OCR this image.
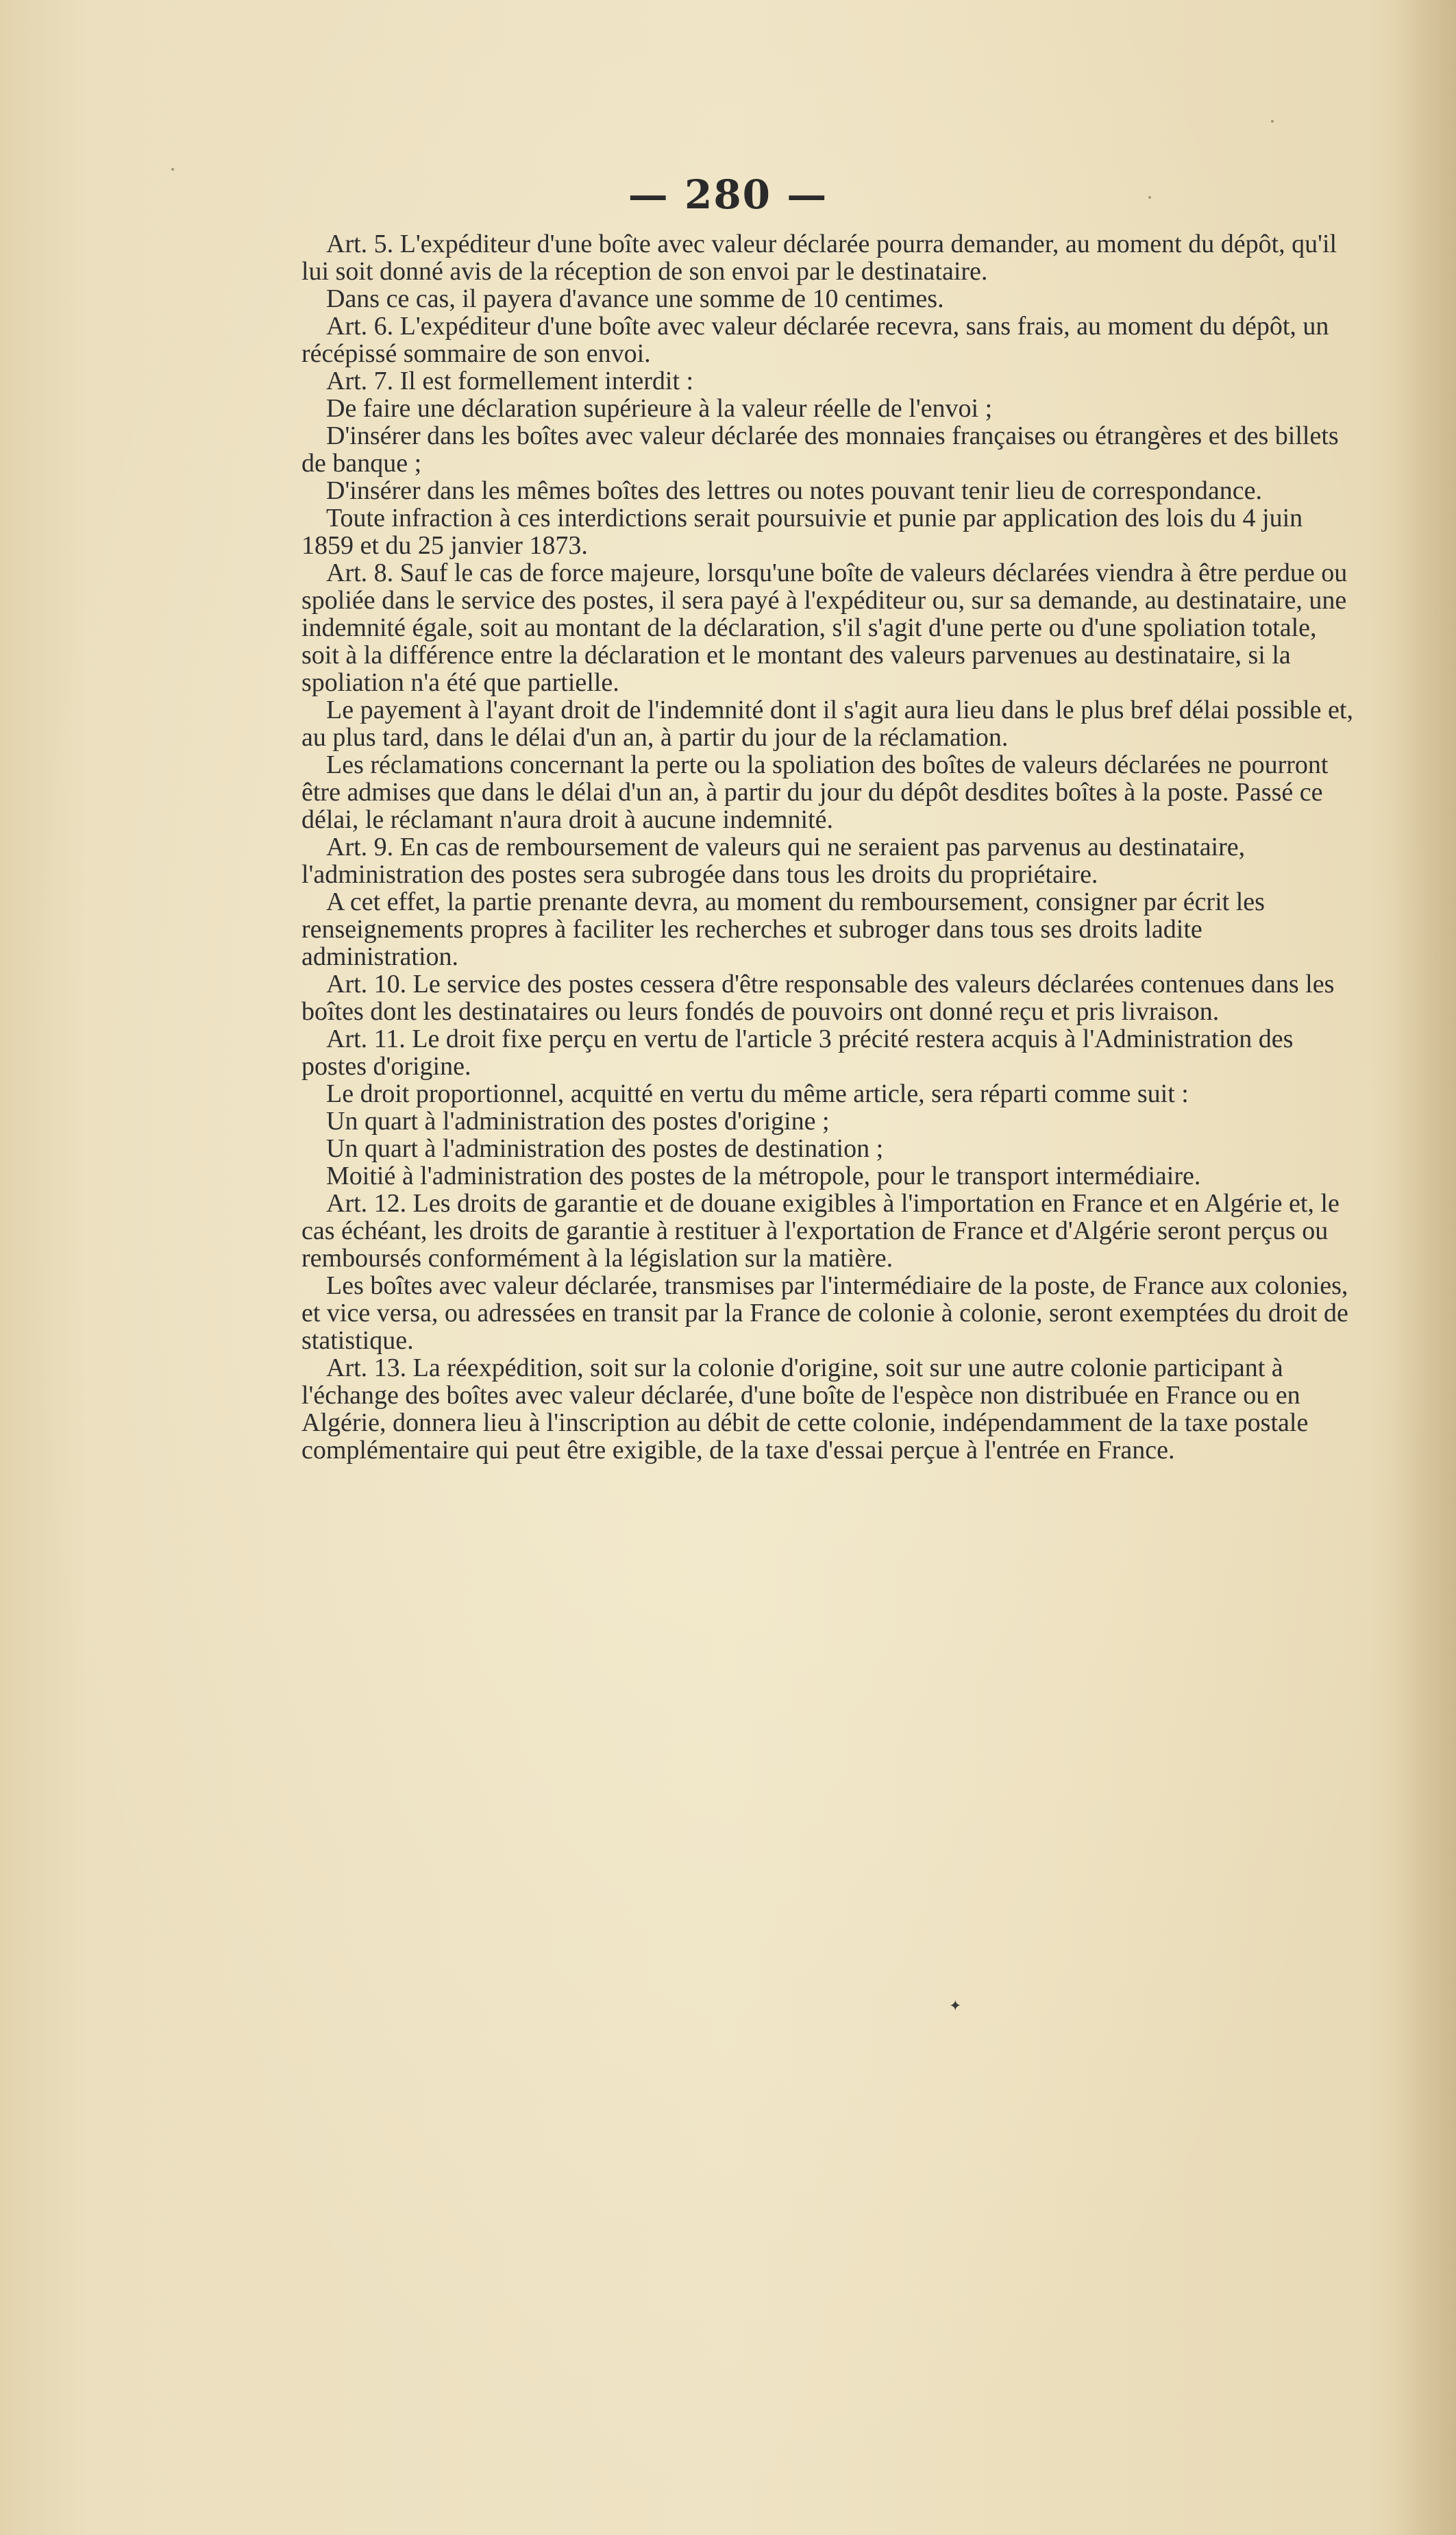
— 280 —

Art. 5. L'expéditeur d'une boîte avec valeur déclarée pourra demander, au moment du dépôt, qu'il lui soit donné avis de la réception de son envoi par le destinataire.

Dans ce cas, il payera d'avance une somme de 10 centimes.

Art. 6. L'expéditeur d'une boîte avec valeur déclarée recevra, sans frais, au moment du dépôt, un récépissé sommaire de son envoi.

Art. 7. Il est formellement interdit :

De faire une déclaration supérieure à la valeur réelle de l'envoi ;

D'insérer dans les boîtes avec valeur déclarée des monnaies françaises ou étrangères et des billets de banque ;

D'insérer dans les mêmes boîtes des lettres ou notes pouvant tenir lieu de correspondance.

Toute infraction à ces interdictions serait poursuivie et punie par application des lois du 4 juin 1859 et du 25 janvier 1873.

Art. 8. Sauf le cas de force majeure, lorsqu'une boîte de valeurs déclarées viendra à être perdue ou spoliée dans le service des postes, il sera payé à l'expéditeur ou, sur sa demande, au destinataire, une indemnité égale, soit au montant de la déclaration, s'il s'agit d'une perte ou d'une spoliation totale, soit à la différence entre la déclaration et le montant des valeurs parvenues au destinataire, si la spoliation n'a été que partielle.

Le payement à l'ayant droit de l'indemnité dont il s'agit aura lieu dans le plus bref délai possible et, au plus tard, dans le délai d'un an, à partir du jour de la réclamation.

Les réclamations concernant la perte ou la spoliation des boîtes de valeurs déclarées ne pourront être admises que dans le délai d'un an, à partir du jour du dépôt desdites boîtes à la poste. Passé ce délai, le réclamant n'aura droit à aucune indemnité.

Art. 9. En cas de remboursement de valeurs qui ne seraient pas parvenus au destinataire, l'administration des postes sera subrogée dans tous les droits du propriétaire.

A cet effet, la partie prenante devra, au moment du remboursement, consigner par écrit les renseignements propres à faciliter les recherches et subroger dans tous ses droits ladite administration.

Art. 10. Le service des postes cessera d'être responsable des valeurs déclarées contenues dans les boîtes dont les destinataires ou leurs fondés de pouvoirs ont donné reçu et pris livraison.

Art. 11. Le droit fixe perçu en vertu de l'article 3 précité restera acquis à l'Administration des postes d'origine.

Le droit proportionnel, acquitté en vertu du même article, sera réparti comme suit :

Un quart à l'administration des postes d'origine ;

Un quart à l'administration des postes de destination ;

Moitié à l'administration des postes de la métropole, pour le transport intermédiaire.

Art. 12. Les droits de garantie et de douane exigibles à l'importation en France et en Algérie et, le cas échéant, les droits de garantie à restituer à l'exportation de France et d'Algérie seront perçus ou remboursés conformément à la législation sur la matière.

Les boîtes avec valeur déclarée, transmises par l'intermédiaire de la poste, de France aux colonies, et vice versa, ou adressées en transit par la France de colonie à colonie, seront exemptées du droit de statistique.

Art. 13. La réexpédition, soit sur la colonie d'origine, soit sur une autre colonie participant à l'échange des boîtes avec valeur déclarée, d'une boîte de l'espèce non distribuée en France ou en Algérie, donnera lieu à l'inscription au débit de cette colonie, indépendamment de la taxe postale complémentaire qui peut être exigible, de la taxe d'essai perçue à l'entrée en France.

✦
